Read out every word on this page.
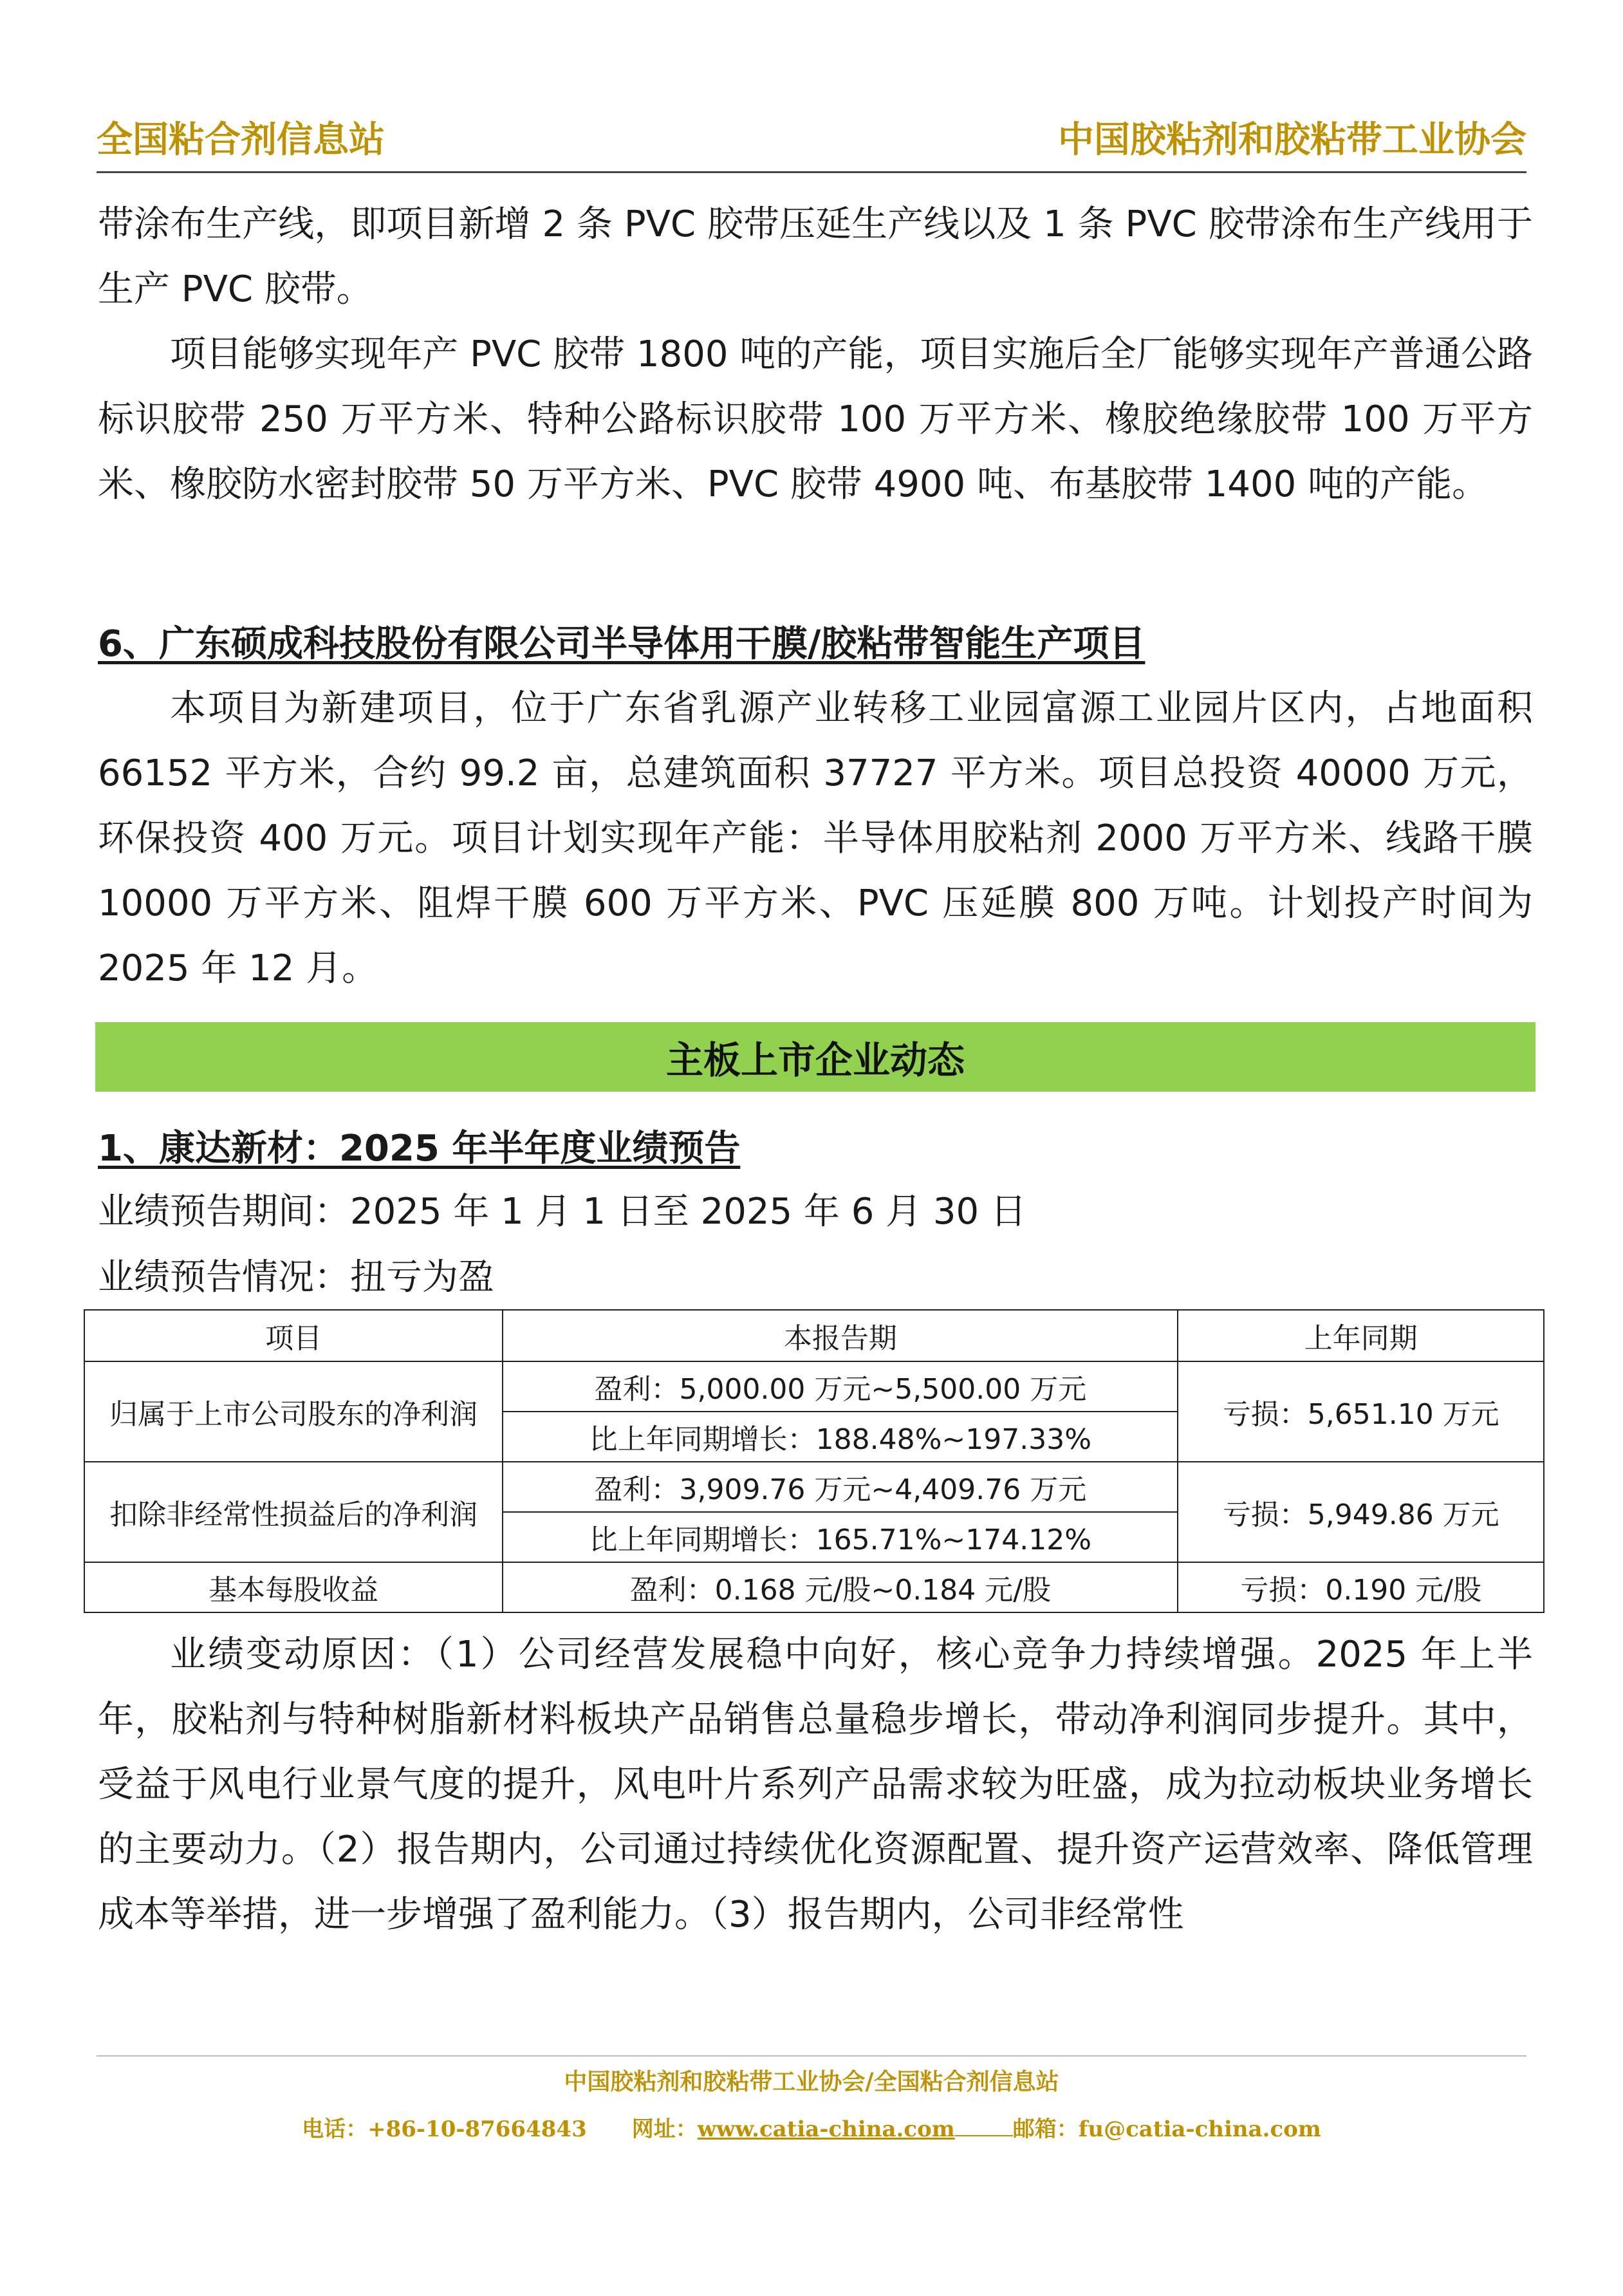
全国粘合剂信息站	中国胶粘剂和胶粘带工业协会

带涂布生产线，即项目新增 2 条 PVC 胶带压延生产线以及 1 条 PVC 胶带涂布生产线用于生产 PVC 胶带。

项目能够实现年产 PVC 胶带 1800 吨的产能，项目实施后全厂能够实现年产普通公路标识胶带 250 万平方米、特种公路标识胶带 100 万平方米、橡胶绝缘胶带 100 万平方米、橡胶防水密封胶带 50 万平方米、PVC 胶带 4900 吨、布基胶带 1400 吨的产能。

6、广东硕成科技股份有限公司半导体用干膜/胶粘带智能生产项目

本项目为新建项目，位于广东省乳源产业转移工业园富源工业园片区内，占地面积 66152 平方米，合约 99.2 亩，总建筑面积 37727 平方米。项目总投资 40000 万元，环保投资 400 万元。项目计划实现年产能：半导体用胶粘剂 2000 万平方米、线路干膜 10000 万平方米、阻焊干膜 600 万平方米、PVC 压延膜 800 万吨。计划投产时间为 2025 年 12 月。

主板上市企业动态
1、康达新材：2025 年半年度业绩预告
业绩预告期间：2025 年 1 月 1 日至 2025 年 6 月 30 日
业绩预告情况：扭亏为盈
项目	本报告期	上年同期
归属于上市公司股东的净利润	盈利：5,000.00 万元~5,500.00 万元	亏损：5,651.10 万元
	比上年同期增长：188.48%~197.33%	
扣除非经常性损益后的净利润	盈利：3,909.76 万元~4,409.76 万元	亏损：5,949.86 万元
	比上年同期增长：165.71%~174.12%	
基本每股收益	盈利：0.168 元/股~0.184 元/股	亏损：0.190 元/股

业绩变动原因：（1）公司经营发展稳中向好，核心竞争力持续增强。2025 年上半年，胶粘剂与特种树脂新材料板块产品销售总量稳步增长，带动净利润同步提升。其中，受益于风电行业景气度的提升，风电叶片系列产品需求较为旺盛，成为拉动板块业务增长的主要动力。（2）报告期内，公司通过持续优化资源配置、提升资产运营效率、降低管理成本等举措，进一步增强了盈利能力。（3）报告期内，公司非经常性

中国胶粘剂和胶粘带工业协会/全国粘合剂信息站
电话：+86-10-87664843 网址：www.catia-china.com	邮箱：fu@catia-china.com
